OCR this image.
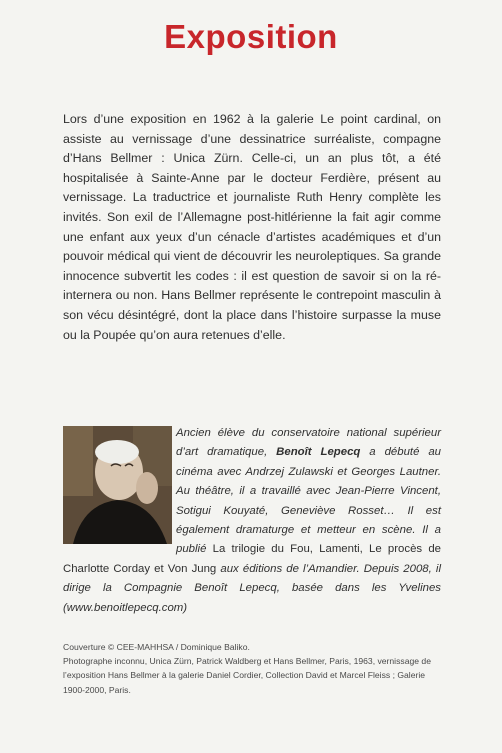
Exposition
Lors d’une exposition en 1962 à la galerie Le point cardinal, on assiste au vernissage d’une dessinatrice surréaliste, compagne d’Hans Bellmer : Unica Zürn. Celle-ci, un an plus tôt, a été hospitalisée à Sainte-Anne par le docteur Ferdière, présent au vernissage. La traductrice et journaliste Ruth Henry complète les invités. Son exil de l’Allemagne post-hitlérienne la fait agir comme une enfant aux yeux d’un cénacle d’artistes académiques et d’un pouvoir médical qui vient de découvrir les neuroleptiques. Sa grande innocence subvertit les codes : il est question de savoir si on la ré-internera ou non. Hans Bellmer représente le contrepoint masculin à son vécu désintégré, dont la place dans l’histoire surpasse la muse ou la Poupée qu’on aura retenues d’elle.
Ancien élève du conservatoire national supérieur d’art dramatique, Benoît Lepecq a débuté au cinéma avec Andrzej Zulawski et Georges Lautner. Au théâtre, il a travaillé avec Jean-Pierre Vincent, Sotigui Kouyaté, Geneviève Rosset… Il est également dramaturge et metteur en scène. Il a publié La trilogie du Fou, Lamenti, Le procès de Charlotte Corday et Von Jung aux éditions de l’Amandier. Depuis 2008, il dirige la Compagnie Benoît Lepecq, basée dans les Yvelines (www.benoitlepecq.com)
Couverture © CEE-MAHHSA / Dominique Baliko.
Photographe inconnu, Unica Zürn, Patrick Waldberg et Hans Bellmer, Paris, 1963, vernissage de l’exposition Hans Bellmer à la galerie Daniel Cordier, Collection David et Marcel Fleiss ; Galerie 1900-2000, Paris.
